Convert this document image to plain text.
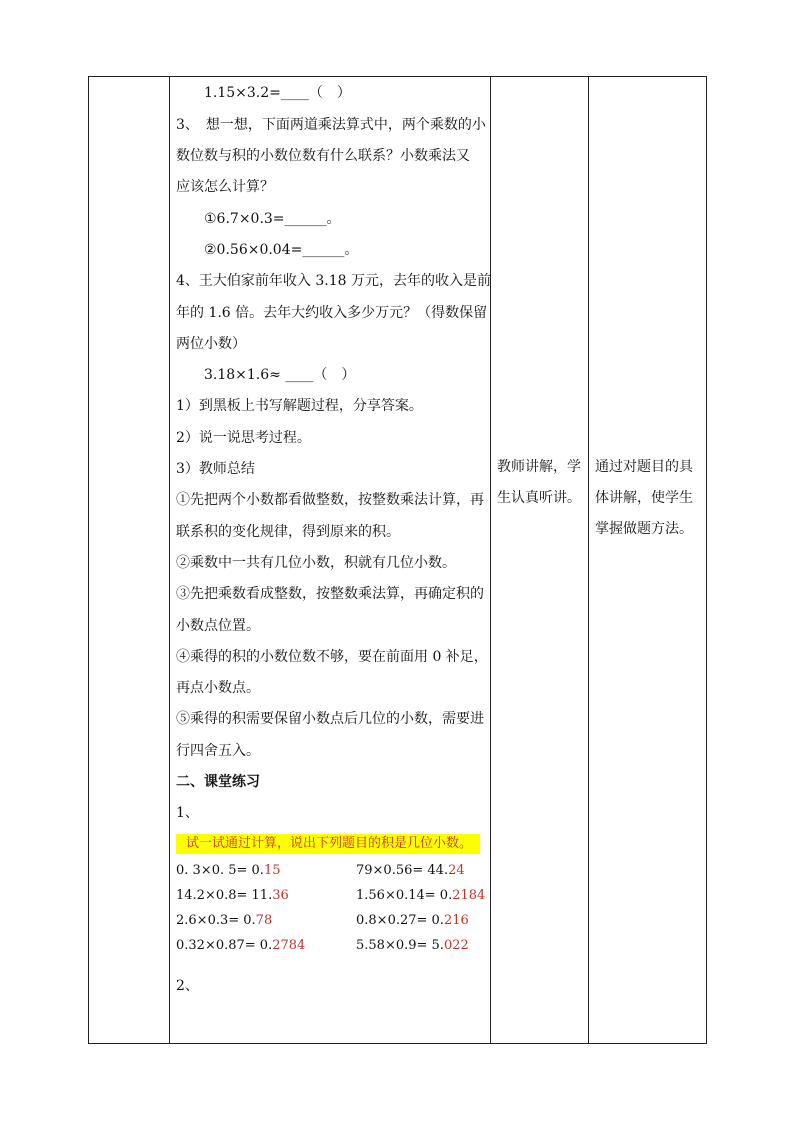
1.15×3.2=____（　）
3、　想一想，下面两道乘法算式中，两个乘数的小
数位数与积的小数位数有什么联系？小数乘法又
应该怎么计算？
①6.7×0.3=______。
②0.56×0.04=______。
4、王大伯家前年收入 3.18 万元，去年的收入是前
年的 1.6 倍。去年大约收入多少万元？（得数保留
两位小数）
3.18×1.6≈ ____（　）
1）到黑板上书写解题过程，分享答案。
2）说一说思考过程。
3）教师总结
①先把两个小数都看做整数，按整数乘法计算，再
联系积的变化规律，得到原来的积。
②乘数中一共有几位小数，积就有几位小数。
③先把乘数看成整数，按整数乘法算，再确定积的
小数点位置。
④乘得的积的小数位数不够，要在前面用 0 补足，
再点小数点。
⑤乘得的积需要保留小数点后几位的小数，需要进
行四舍五入。
二、课堂练习
1、
试一试通过计算，说出下列题目的积是几位小数。
0. 3×0. 5= 0.15	79×0.56= 44.24
14.2×0.8= 11.36	1.56×0.14= 0.2184
2.6×0.3= 0.78	0.8×0.27= 0.216
0.32×0.87= 0.2784	5.58×0.9= 5.022
2、
教师讲解，学
生认真听讲。
通过对题目的具
体讲解，使学生
掌握做题方法。
